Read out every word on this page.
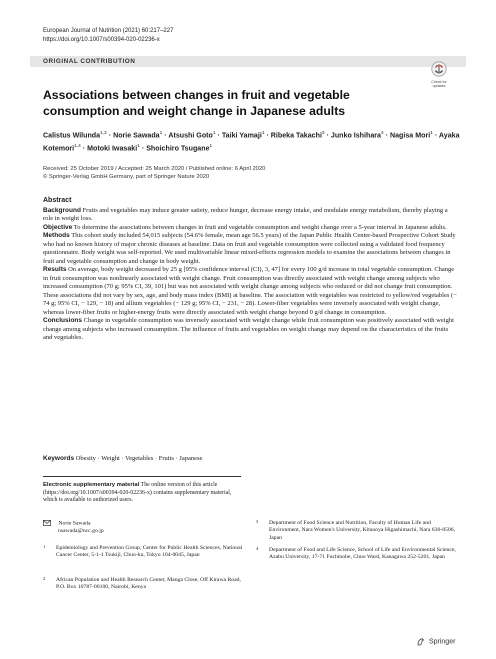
European Journal of Nutrition (2021) 60:217–227
https://doi.org/10.1007/s00394-020-02236-x
ORIGINAL CONTRIBUTION
Check for
updates
Associations between changes in fruit and vegetable consumption and weight change in Japanese adults
Calistus Wilunda$^{1,2}$ · Norie Sawada$^1$ · Atsushi Goto$^1$ · Taiki Yamaji$^1$ · Ribeka Takachi$^3$ · Junko Ishihara$^4$ · Nagisa Mori$^1$ · Ayaka Kotemori$^{1,4}$ · Motoki Iwasaki$^1$ · Shoichiro Tsugane$^1$
Received: 25 October 2019 / Accepted: 25 March 2020 / Published online: 6 April 2020
© Springer-Verlag GmbH Germany, part of Springer Nature 2020
Abstract

Background Fruits and vegetables may induce greater satiety, reduce hunger, decrease energy intake, and modulate energy metabolism, thereby playing a role in weight loss.

Objective To determine the associations between changes in fruit and vegetable consumption and weight change over a 5-year interval in Japanese adults.

Methods This cohort study included 54,015 subjects (54.6% female, mean age 56.5 years) of the Japan Public Health Center-based Prospective Cohort Study who had no known history of major chronic diseases at baseline. Data on fruit and vegetable consumption were collected using a validated food frequency questionnaire. Body weight was self-reported. We used multivariable linear mixed-effects regression models to examine the associations between changes in fruit and vegetable consumption and change in body weight.

Results On average, body weight decreased by 25 g [95% confidence interval (CI), 3, 47] for every 100 g/d increase in total vegetable consumption. Change in fruit consumption was nonlinearly associated with weight change. Fruit consumption was directly associated with weight change among subjects who increased consumption (70 g; 95% CI, 39, 101) but was not associated with weight change among subjects who reduced or did not change fruit consumption. These associations did not vary by sex, age, and body mass index (BMI) at baseline. The association with vegetables was restricted to yellow/red vegetables (− 74 g; 95% CI, − 129, − 18) and allium vegetables (− 129 g; 95% CI, − 231, − 28). Lower-fiber vegetables were inversely associated with weight change, whereas lower-fiber fruits or higher-energy fruits were directly associated with weight change beyond 0 g/d change in consumption.

Conclusions Change in vegetable consumption was inversely associated with weight change while fruit consumption was positively associated with weight change among subjects who increased consumption. The influence of fruits and vegetables on weight change may depend on the characteristics of the fruits and vegetables.

Keywords Obesity · Weight · Vegetables · Fruits · Japanese
Electronic supplementary material The online version of this article (https://doi.org/10.1007/s00394-020-02236-x) contains supplementary material, which is available to authorized users.
Norie Sawada
nsawada@ncc.go.jp
1	Epidemiology and Prevention Group, Center for Public Health Sciences, National Cancer Center, 5-1-1 Tsukiji, Chuo-ku, Tokyo 104-0045, Japan
2	African Population and Health Research Center, Manga Close, Off Kirawa Road, P.O. Box 10787-00100, Nairobi, Kenya
3	Department of Food Science and Nutrition, Faculty of Human Life and Environment, Nara Women's University, Kitauoya Higashimachi, Nara 630-8506, Japan
4	Department of Food and Life Science, School of Life and Environmental Science, Azabu University, 17-71 Fuchinobe, Chuo Ward, Kanagawa 252-5201, Japan
Springer
